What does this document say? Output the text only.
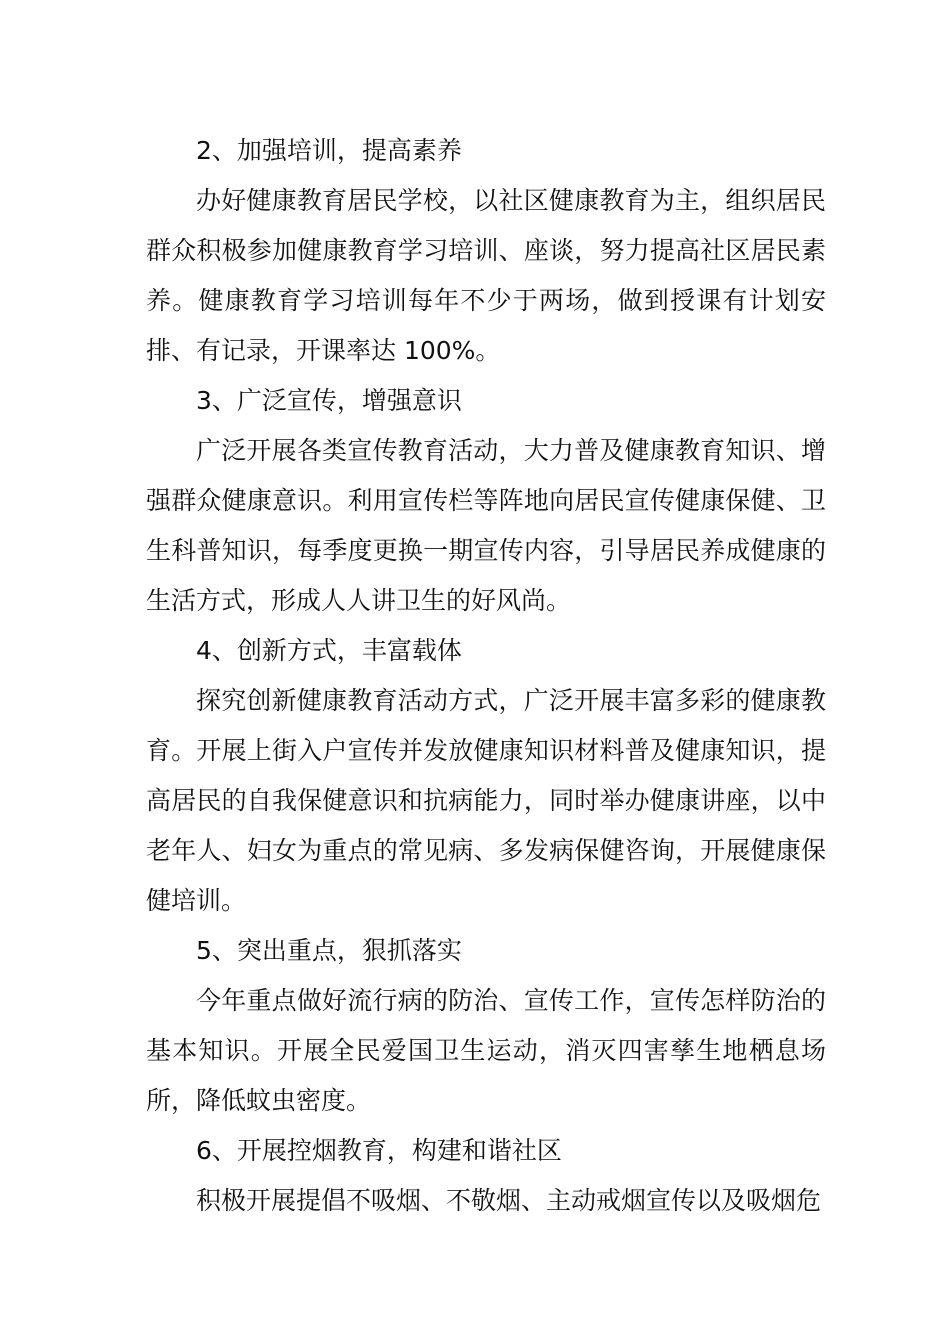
2、加强培训，提高素养

办好健康教育居民学校，以社区健康教育为主，组织居民群众积极参加健康教育学习培训、座谈，努力提高社区居民素养。健康教育学习培训每年不少于两场，做到授课有计划安排、有记录，开课率达 100%。

3、广泛宣传，增强意识

广泛开展各类宣传教育活动，大力普及健康教育知识、增强群众健康意识。利用宣传栏等阵地向居民宣传健康保健、卫生科普知识，每季度更换一期宣传内容，引导居民养成健康的生活方式，形成人人讲卫生的好风尚。

4、创新方式，丰富载体

探究创新健康教育活动方式，广泛开展丰富多彩的健康教育。开展上街入户宣传并发放健康知识材料普及健康知识，提高居民的自我保健意识和抗病能力，同时举办健康讲座，以中老年人、妇女为重点的常见病、多发病保健咨询，开展健康保健培训。

5、突出重点，狠抓落实

今年重点做好流行病的防治、宣传工作，宣传怎样防治的基本知识。开展全民爱国卫生运动，消灭四害孳生地栖息场所，降低蚊虫密度。

6、开展控烟教育，构建和谐社区

积极开展提倡不吸烟、不敬烟、主动戒烟宣传以及吸烟危
